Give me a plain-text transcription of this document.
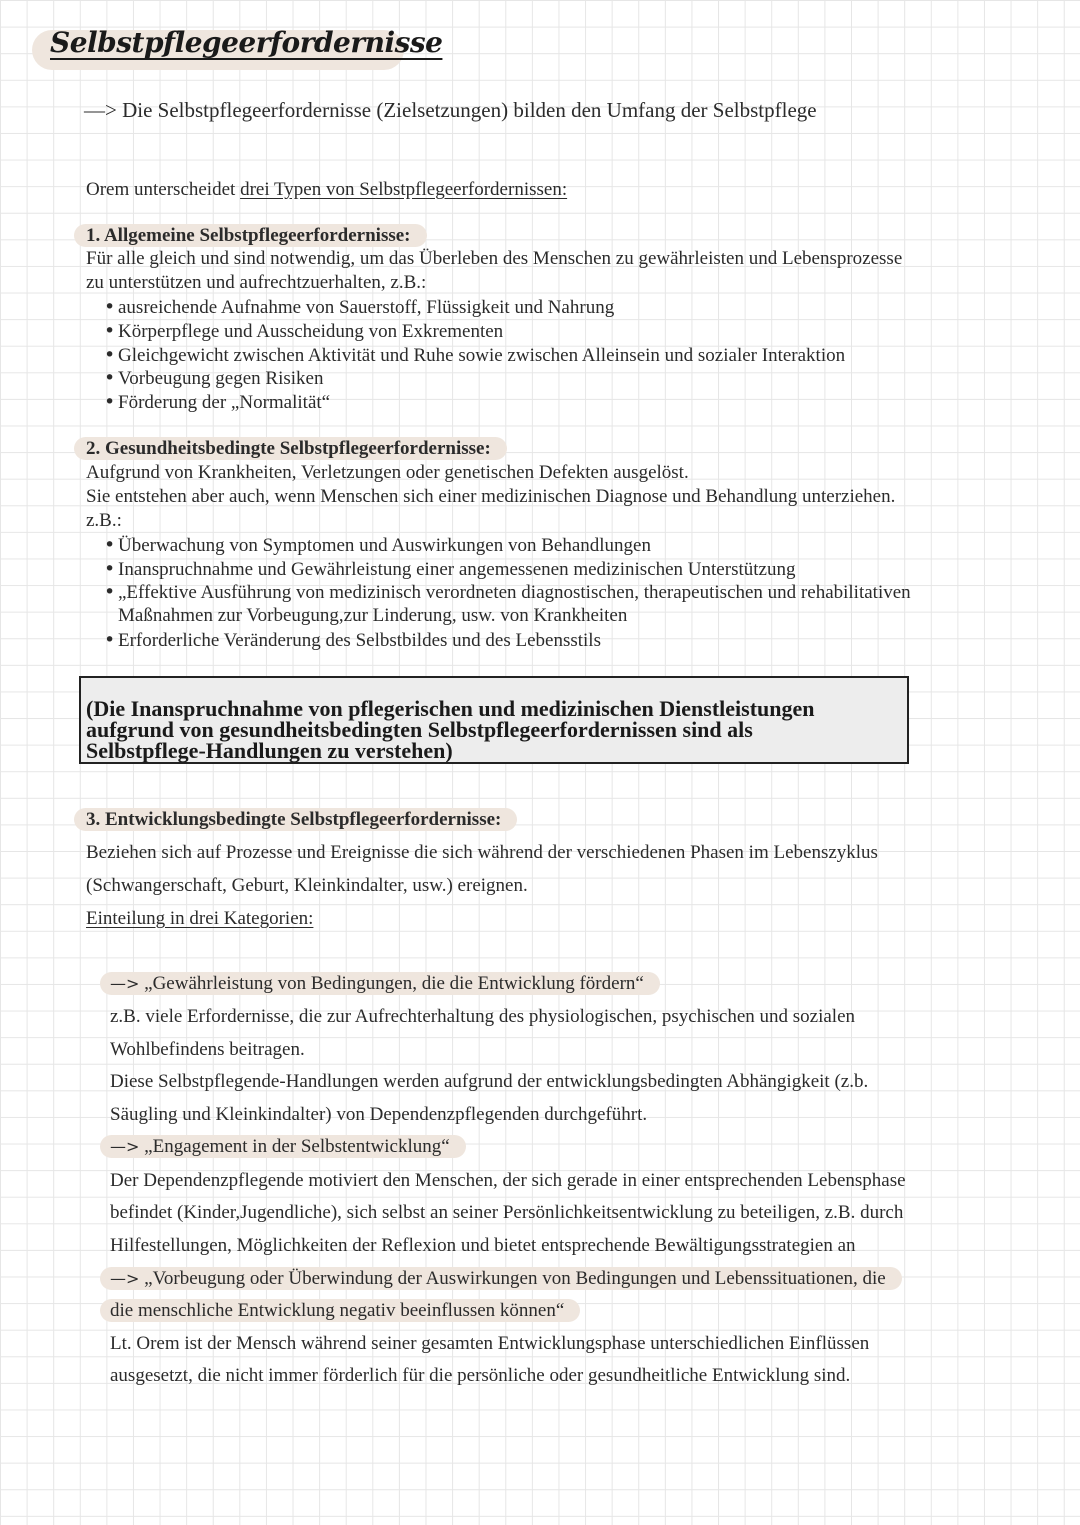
Selbstpflegeerfordernisse
—> Die Selbstpflegeerfordernisse (Zielsetzungen) bilden den Umfang der Selbstpflege
Orem unterscheidet drei Typen von Selbstpflegeerfordernissen:
1. Allgemeine Selbstpflegeerfordernisse:
Für alle gleich und sind notwendig, um das Überleben des Menschen zu gewährleisten und Lebensprozesse
zu unterstützen und aufrechtzuerhalten, z.B.:
• ausreichende Aufnahme von Sauerstoff, Flüssigkeit und Nahrung
• Körperpflege und Ausscheidung von Exkrementen
• Gleichgewicht zwischen Aktivität und Ruhe sowie zwischen Alleinsein und sozialer Interaktion
• Vorbeugung gegen Risiken
• Förderung der „Normalität“
2. Gesundheitsbedingte Selbstpflegeerfordernisse:
Aufgrund von Krankheiten, Verletzungen oder genetischen Defekten ausgelöst.
Sie entstehen aber auch, wenn Menschen sich einer medizinischen Diagnose und Behandlung unterziehen.
z.B.:
• Überwachung von Symptomen und Auswirkungen von Behandlungen
• Inanspruchnahme und Gewährleistung einer angemessenen medizinischen Unterstützung
• „Effektive Ausführung von medizinisch verordneten diagnostischen, therapeutischen und rehabilitativen
Maßnahmen zur Vorbeugung,zur Linderung, usw. von Krankheiten
• Erforderliche Veränderung des Selbstbildes und des Lebensstils
(Die Inanspruchnahme von pflegerischen und medizinischen Dienstleistungen
aufgrund von gesundheitsbedingten Selbstpflegeerfordernissen sind als
Selbstpflege-Handlungen zu verstehen)
3. Entwicklungsbedingte Selbstpflegeerfordernisse:
Beziehen sich auf Prozesse und Ereignisse die sich während der verschiedenen Phasen im Lebenszyklus
(Schwangerschaft, Geburt, Kleinkindalter, usw.) ereignen.
Einteilung in drei Kategorien:
—> „Gewährleistung von Bedingungen, die die Entwicklung fördern“
z.B. viele Erfordernisse, die zur Aufrechterhaltung des physiologischen, psychischen und sozialen
Wohlbefindens beitragen.
Diese Selbstpflegende-Handlungen werden aufgrund der entwicklungsbedingten Abhängigkeit (z.b.
Säugling und Kleinkindalter) von Dependenzpflegenden durchgeführt.
—> „Engagement in der Selbstentwicklung“
Der Dependenzpflegende motiviert den Menschen, der sich gerade in einer entsprechenden Lebensphase
befindet (Kinder,Jugendliche), sich selbst an seiner Persönlichkeitsentwicklung zu beteiligen, z.B. durch
Hilfestellungen, Möglichkeiten der Reflexion und bietet entsprechende Bewältigungsstrategien an
—> „Vorbeugung oder Überwindung der Auswirkungen von Bedingungen und Lebenssituationen, die
die menschliche Entwicklung negativ beeinflussen können“
Lt. Orem ist der Mensch während seiner gesamten Entwicklungsphase unterschiedlichen Einflüssen
ausgesetzt, die nicht immer förderlich für die persönliche oder gesundheitliche Entwicklung sind.
